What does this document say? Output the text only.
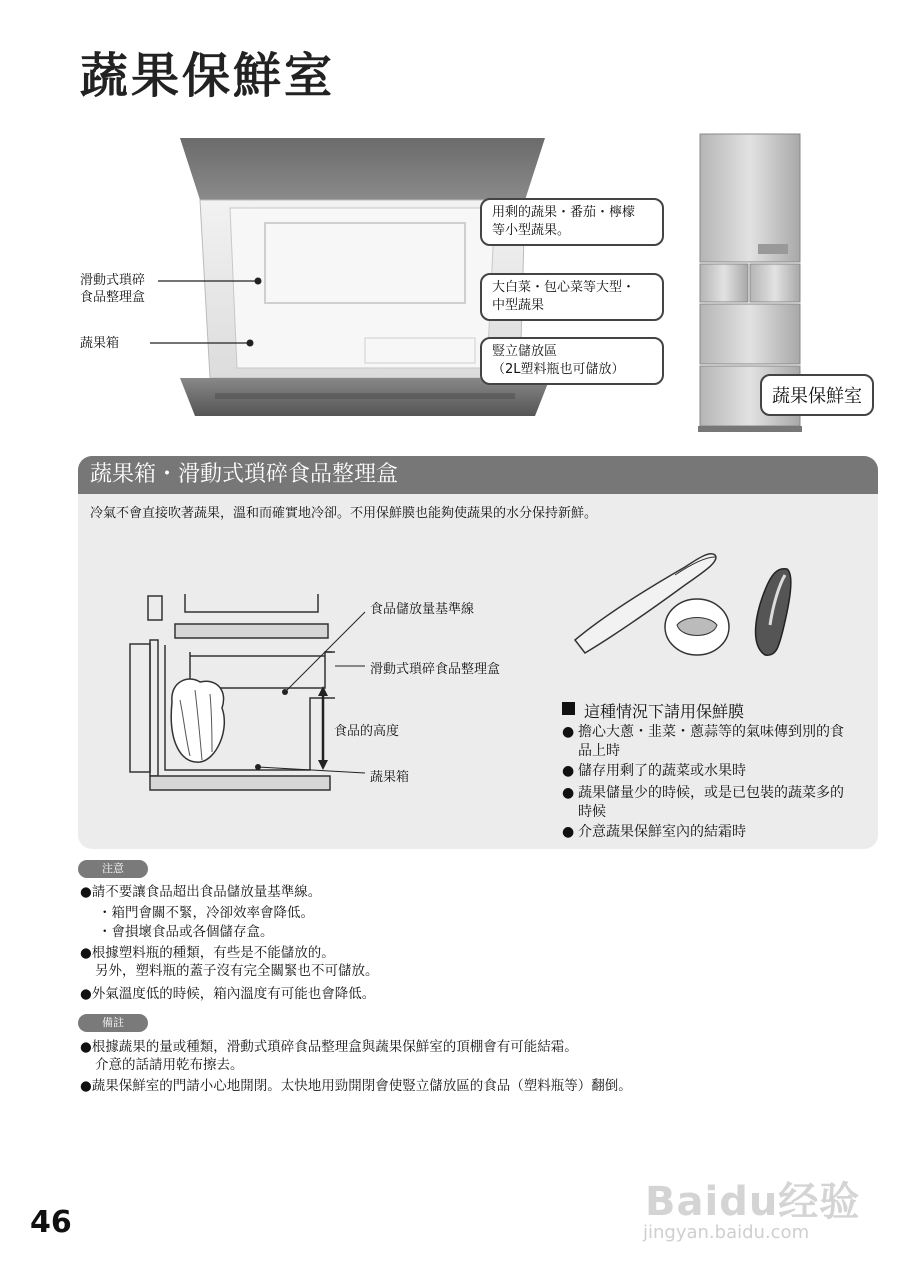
蔬果保鮮室
滑動式瑣碎
食品整理盒
蔬果箱
用剩的蔬果・番茄・檸檬
等小型蔬果。
大白菜・包心菜等大型・
中型蔬果
豎立儲放區
（2L塑料瓶也可儲放）
蔬果保鮮室
蔬果箱・滑動式瑣碎食品整理盒
冷氣不會直接吹著蔬果，溫和而確實地冷卻。不用保鮮膜也能夠使蔬果的水分保持新鮮。
食品儲放量基準線
滑動式瑣碎食品整理盒
食品的高度
蔬果箱
這種情況下請用保鮮膜
● 擔心大蔥・韭菜・蔥蒜等的氣味傳到別的食
品上時
● 儲存用剩了的蔬菜或水果時
● 蔬果儲量少的時候，或是已包裝的蔬菜多的
時候
● 介意蔬果保鮮室內的結霜時
注意
●請不要讓食品超出食品儲放量基準線。
・箱門會關不緊，冷卻效率會降低。
・會損壞食品或各個儲存盒。
●根據塑料瓶的種類，有些是不能儲放的。
另外，塑料瓶的蓋子沒有完全關緊也不可儲放。
●外氣溫度低的時候，箱內溫度有可能也會降低。
備註
●根據蔬果的量或種類，滑動式瑣碎食品整理盒與蔬果保鮮室的頂棚會有可能結霜。
介意的話請用乾布擦去。
●蔬果保鮮室的門請小心地開閉。太快地用勁開閉會使豎立儲放區的食品（塑料瓶等）翻倒。
46	Baidu经验
jingyan.baidu.com
